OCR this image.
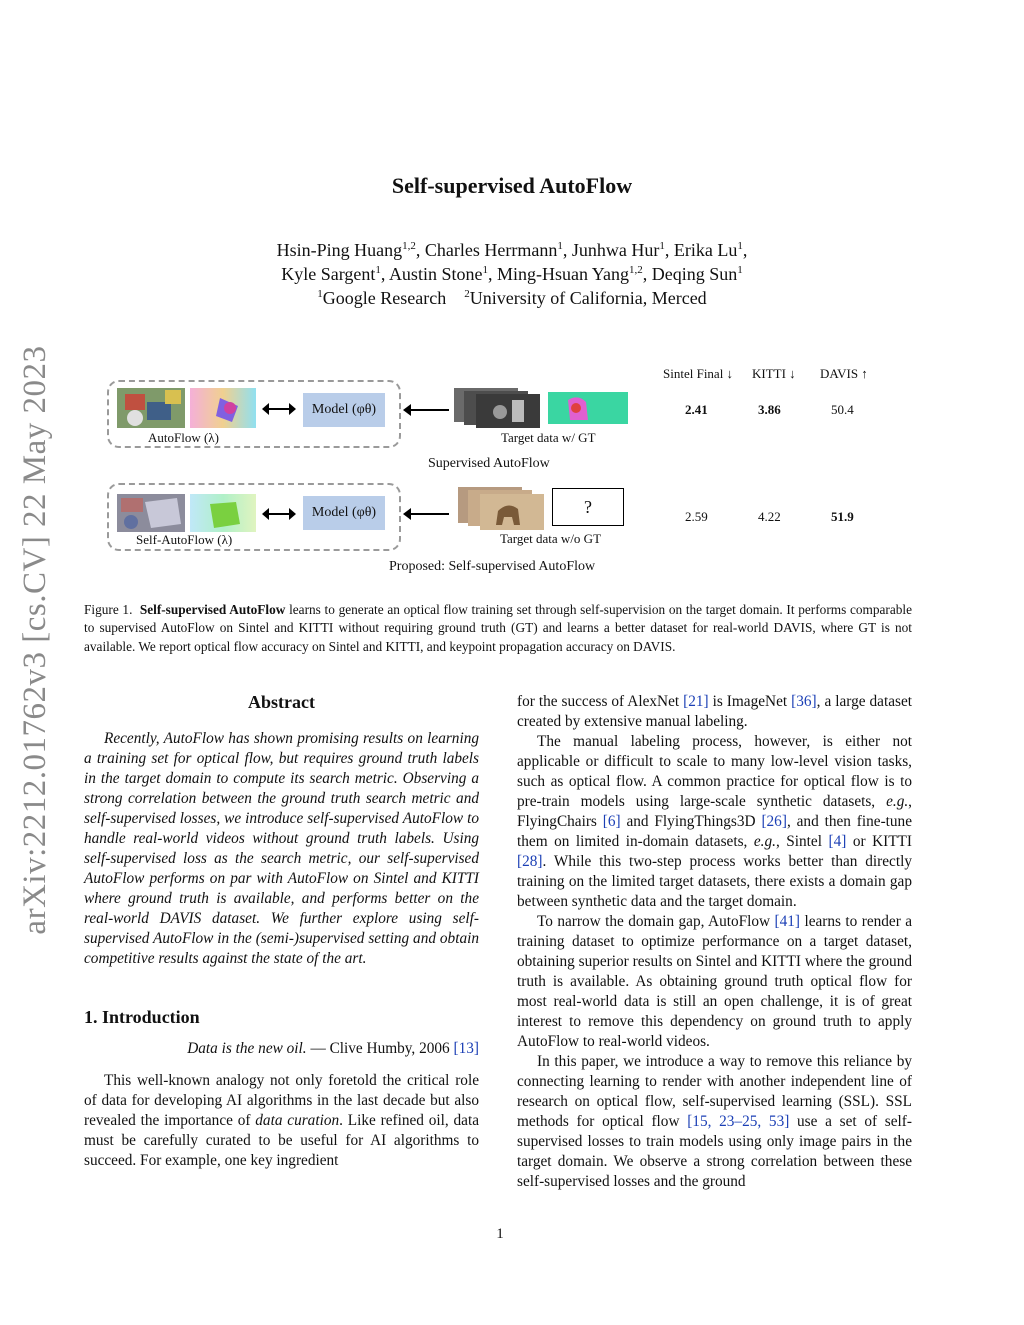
arXiv:2212.01762v3 [cs.CV] 22 May 2023
Self-supervised AutoFlow
Hsin-Ping Huang$^{1,2}$, Charles Herrmann$^1$, Junhwa Hur$^1$, Erika Lu$^1$,
Kyle Sargent$^1$, Austin Stone$^1$, Ming-Hsuan Yang$^{1,2}$, Deqing Sun$^1$
$^1$Google Research $^2$University of California, Merced
AutoFlow (λ)
Model (φθ)
Target data w/ GT
Supervised AutoFlow
Self-AutoFlow (λ)
Model (φθ)	?
Target data w/o GT
Proposed: Self-supervised AutoFlow
Sintel Final ↓ KITTI ↓ DAVIS ↑
2.41	3.86	50.4
2.59	4.22	51.9
Figure 1. Self-supervised AutoFlow learns to generate an optical flow training set through self-supervision on the target domain. It performs comparable to supervised AutoFlow on Sintel and KITTI without requiring ground truth (GT) and learns a better dataset for real-world DAVIS, where GT is not available. We report optical flow accuracy on Sintel and KITTI, and keypoint propagation accuracy on DAVIS.
Abstract

Recently, AutoFlow has shown promising results on learning a training set for optical flow, but requires ground truth labels in the target domain to compute its search metric. Observing a strong correlation between the ground truth search metric and self-supervised losses, we introduce self-supervised AutoFlow to handle real-world videos without ground truth labels. Using self-supervised loss as the search metric, our self-supervised AutoFlow performs on par with AutoFlow on Sintel and KITTI where ground truth is available, and performs better on the real-world DAVIS dataset. We further explore using self-supervised AutoFlow in the (semi-)supervised setting and obtain competitive results against the state of the art.

1. Introduction
Data is the new oil. — Clive Humby, 2006 [13]

This well-known analogy not only foretold the critical role of data for developing AI algorithms in the last decade but also revealed the importance of data curation. Like refined oil, data must be carefully curated to be useful for AI algorithms to succeed. For example, one key ingredient

for the success of AlexNet [21] is ImageNet [36], a large dataset created by extensive manual labeling.

The manual labeling process, however, is either not applicable or difficult to scale to many low-level vision tasks, such as optical flow. A common practice for optical flow is to pre-train models using large-scale synthetic datasets, e.g., FlyingChairs [6] and FlyingThings3D [26], and then fine-tune them on limited in-domain datasets, e.g., Sintel [4] or KITTI [28]. While this two-step process works better than directly training on the limited target datasets, there exists a domain gap between synthetic data and the target domain.

To narrow the domain gap, AutoFlow [41] learns to render a training dataset to optimize performance on a target dataset, obtaining superior results on Sintel and KITTI where the ground truth is available. As obtaining ground truth optical flow for most real-world data is still an open challenge, it is of great interest to remove this dependency on ground truth to apply AutoFlow to real-world videos.

In this paper, we introduce a way to remove this reliance by connecting learning to render with another independent line of research on optical flow, self-supervised learning (SSL). SSL methods for optical flow [15, 23–25, 53] use a set of self-supervised losses to train models using only image pairs in the target domain. We observe a strong correlation between these self-supervised losses and the ground

1
